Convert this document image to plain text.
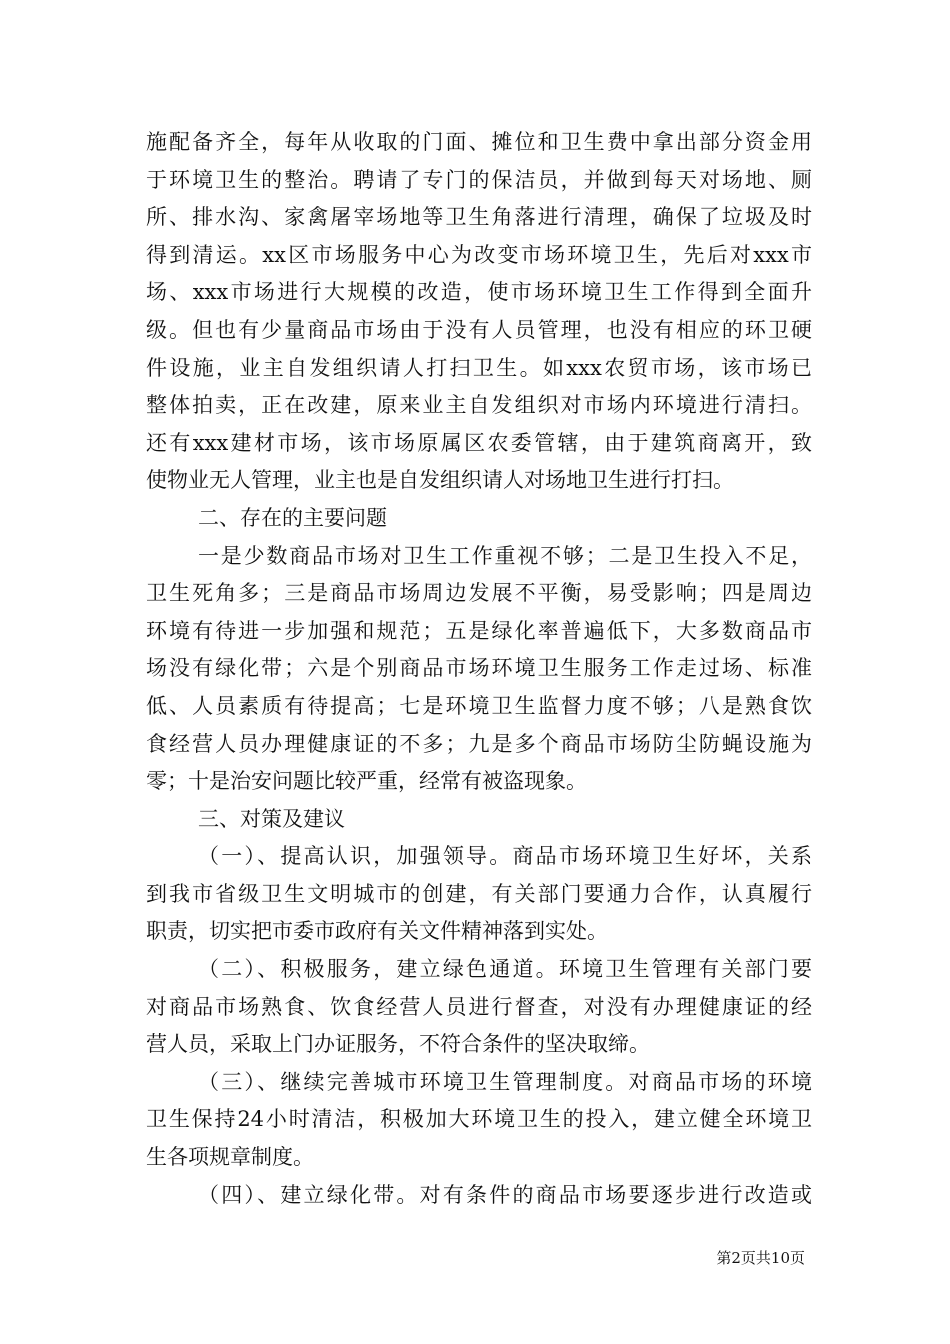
施配备齐全，每年从收取的门面、摊位和卫生费中拿出部分资金用
于环境卫生的整治。聘请了专门的保洁员，并做到每天对场地、厕
所、排水沟、家禽屠宰场地等卫生角落进行清理，确保了垃圾及时
得到清运。xx区市场服务中心为改变市场环境卫生，先后对xxx市
场、xxx市场进行大规模的改造，使市场环境卫生工作得到全面升
级。但也有少量商品市场由于没有人员管理，也没有相应的环卫硬
件设施，业主自发组织请人打扫卫生。如xxx农贸市场，该市场已
整体拍卖，正在改建，原来业主自发组织对市场内环境进行清扫。
还有xxx建材市场，该市场原属区农委管辖，由于建筑商离开，致
使物业无人管理，业主也是自发组织请人对场地卫生进行打扫。
二、存在的主要问题
一是少数商品市场对卫生工作重视不够；二是卫生投入不足，
卫生死角多；三是商品市场周边发展不平衡，易受影响；四是周边
环境有待进一步加强和规范；五是绿化率普遍低下，大多数商品市
场没有绿化带；六是个别商品市场环境卫生服务工作走过场、标准
低、人员素质有待提高；七是环境卫生监督力度不够；八是熟食饮
食经营人员办理健康证的不多；九是多个商品市场防尘防蝇设施为
零；十是治安问题比较严重，经常有被盗现象。
三、对策及建议
（一）、提高认识，加强领导。商品市场环境卫生好坏，关系
到我市省级卫生文明城市的创建，有关部门要通力合作，认真履行
职责，切实把市委市政府有关文件精神落到实处。
（二）、积极服务，建立绿色通道。环境卫生管理有关部门要
对商品市场熟食、饮食经营人员进行督查，对没有办理健康证的经
营人员，采取上门办证服务，不符合条件的坚决取缔。
（三）、继续完善城市环境卫生管理制度。对商品市场的环境
卫生保持24小时清洁，积极加大环境卫生的投入，建立健全环境卫
生各项规章制度。
（四）、建立绿化带。对有条件的商品市场要逐步进行改造或
第2页共10页
